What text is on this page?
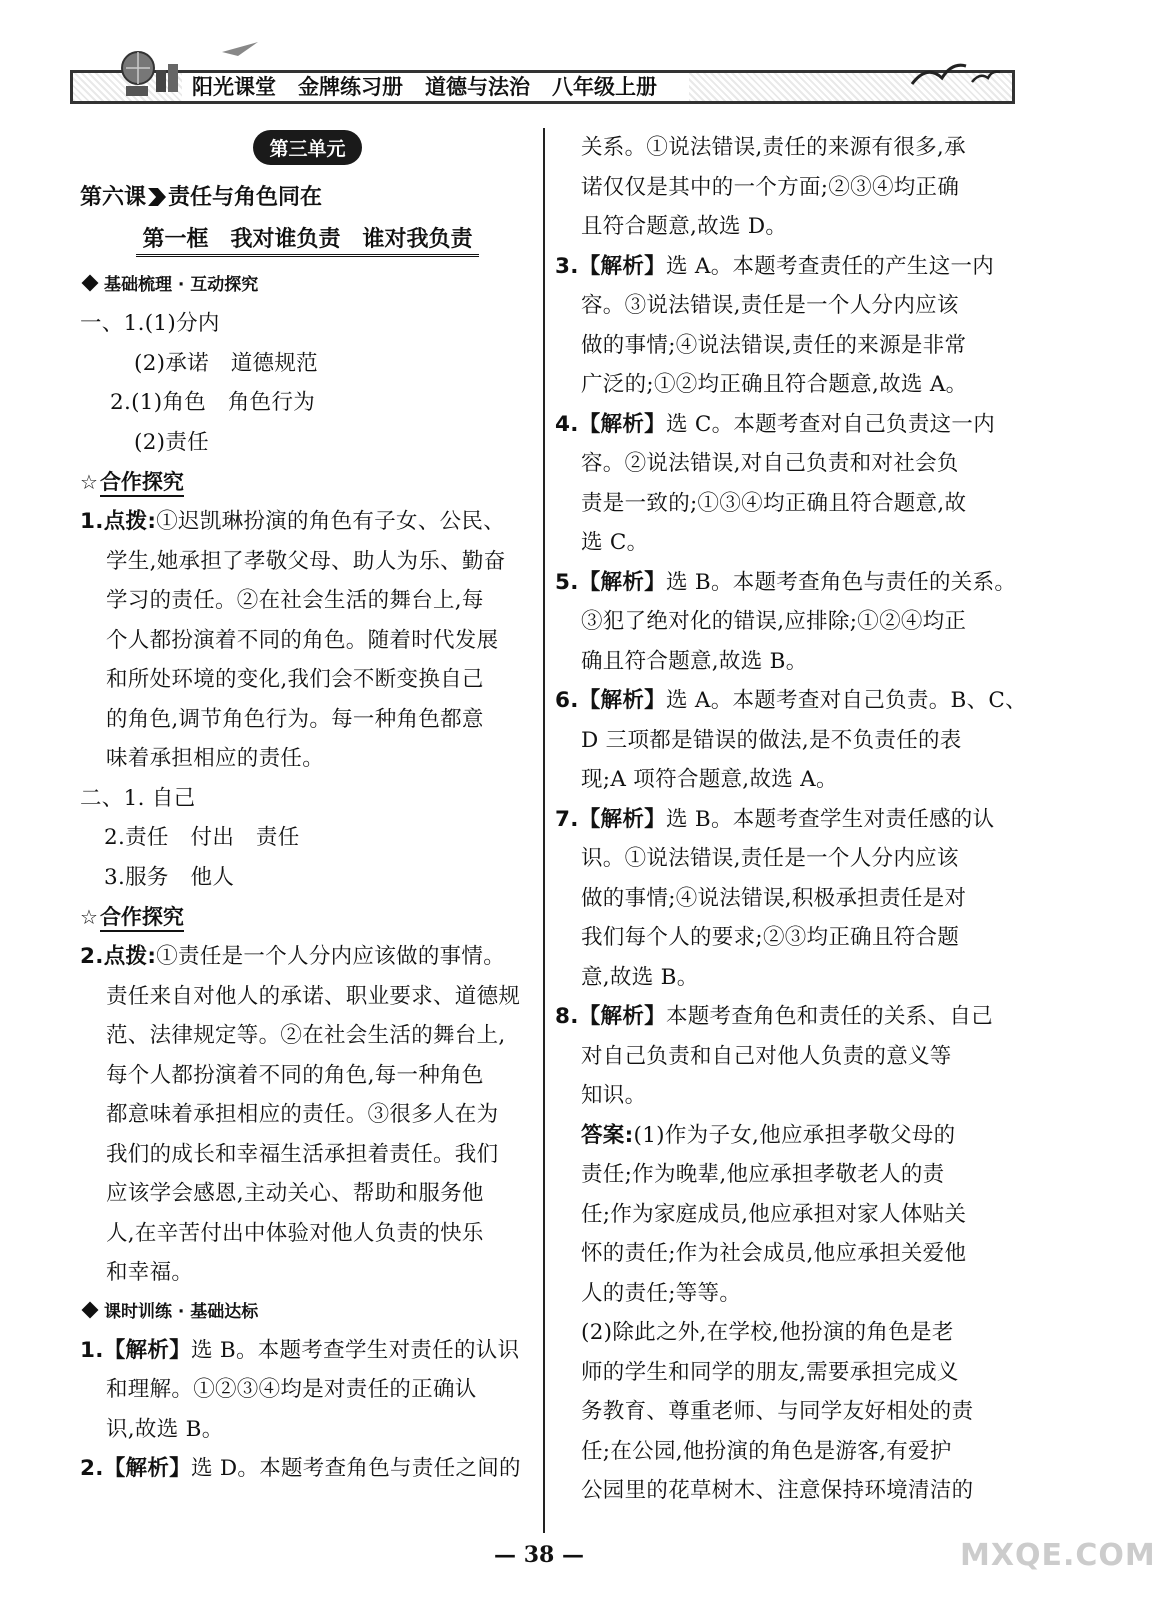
阳光课堂 金牌练习册 道德与法治 八年级上册
第三单元
第六课 责任与角色同在
第一框　我对谁负责　谁对我负责
基础梳理 · 互动探究
一、1.(1)分内
(2)承诺　道德规范
2.(1)角色　角色行为
(2)责任
☆合作探究
1.点拨:①迟凯琳扮演的角色有子女、公民、
学生,她承担了孝敬父母、助人为乐、勤奋
学习的责任。②在社会生活的舞台上,每
个人都扮演着不同的角色。随着时代发展
和所处环境的变化,我们会不断变换自己
的角色,调节角色行为。每一种角色都意
味着承担相应的责任。
二、1. 自己
2.责任　付出　责任
3.服务　他人
☆合作探究
2.点拨:①责任是一个人分内应该做的事情。
责任来自对他人的承诺、职业要求、道德规
范、法律规定等。②在社会生活的舞台上,
每个人都扮演着不同的角色,每一种角色
都意味着承担相应的责任。③很多人在为
我们的成长和幸福生活承担着责任。我们
应该学会感恩,主动关心、帮助和服务他
人,在辛苦付出中体验对他人负责的快乐
和幸福。
课时训练 · 基础达标
1.【解析】选 B。本题考查学生对责任的认识
和理解。①②③④均是对责任的正确认
识,故选 B。
2.【解析】选 D。本题考查角色与责任之间的
关系。①说法错误,责任的来源有很多,承
诺仅仅是其中的一个方面;②③④均正确
且符合题意,故选 D。
3.【解析】选 A。本题考查责任的产生这一内
容。③说法错误,责任是一个人分内应该
做的事情;④说法错误,责任的来源是非常
广泛的;①②均正确且符合题意,故选 A。
4.【解析】选 C。本题考查对自己负责这一内
容。②说法错误,对自己负责和对社会负
责是一致的;①③④均正确且符合题意,故
选 C。
5.【解析】选 B。本题考查角色与责任的关系。
③犯了绝对化的错误,应排除;①②④均正
确且符合题意,故选 B。
6.【解析】选 A。本题考查对自己负责。B、C、
D 三项都是错误的做法,是不负责任的表
现;A 项符合题意,故选 A。
7.【解析】选 B。本题考查学生对责任感的认
识。①说法错误,责任是一个人分内应该
做的事情;④说法错误,积极承担责任是对
我们每个人的要求;②③均正确且符合题
意,故选 B。
8.【解析】本题考查角色和责任的关系、自己
对自己负责和自己对他人负责的意义等
知识。
答案:(1)作为子女,他应承担孝敬父母的
责任;作为晚辈,他应承担孝敬老人的责
任;作为家庭成员,他应承担对家人体贴关
怀的责任;作为社会成员,他应承担关爱他
人的责任;等等。
(2)除此之外,在学校,他扮演的角色是老
师的学生和同学的朋友,需要承担完成义
务教育、尊重老师、与同学友好相处的责
任;在公园,他扮演的角色是游客,有爱护
公园里的花草树木、注意保持环境清洁的
— 38 —	MXQE.COM
